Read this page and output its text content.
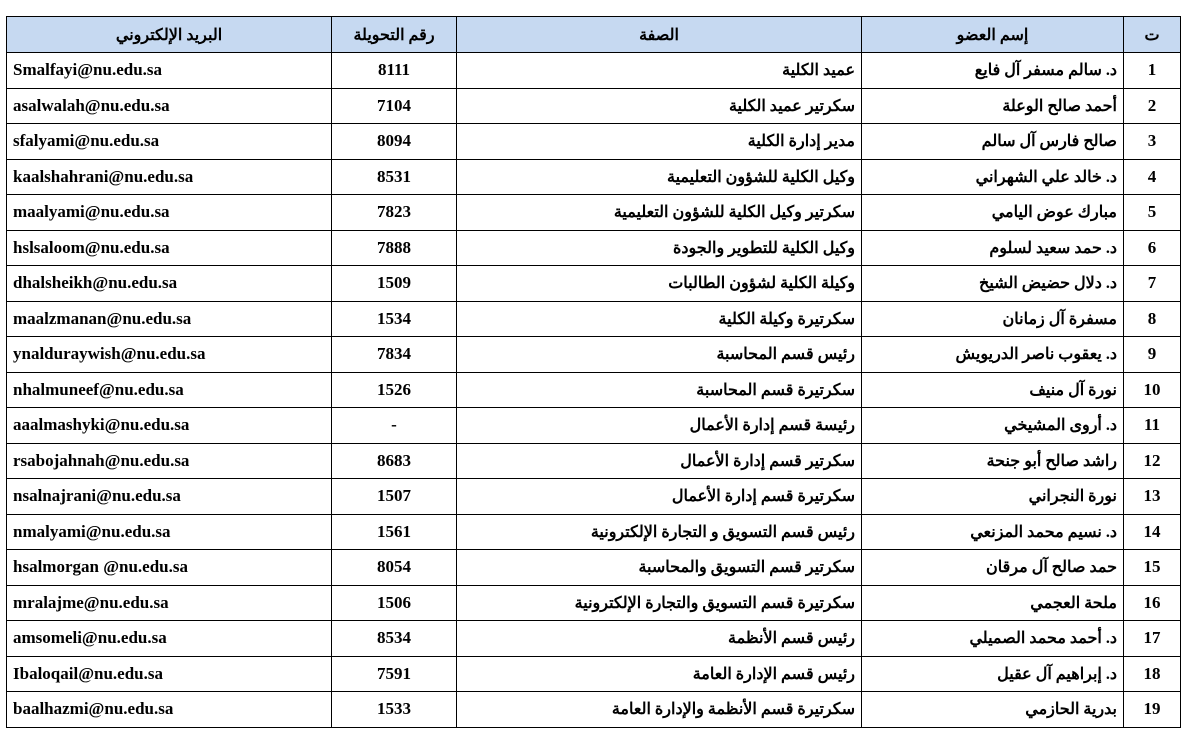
البريد الإلكتروني	رقم التحويلة	الصفة	إسم العضو	ت
Smalfayi@nu.edu.sa	8111	عميد الكلية	د. سالم مسفر آل فايع	1
asalwalah@nu.edu.sa	7104	سكرتير عميد الكلية	أحمد صالح الوعلة	2
sfalyami@nu.edu.sa	8094	مدير إدارة الكلية	صالح فارس آل سالم	3
kaalshahrani@nu.edu.sa	8531	وكيل الكلية للشؤون التعليمية	د. خالد علي الشهراني	4
maalyami@nu.edu.sa	7823	سكرتير وكيل الكلية للشؤون التعليمية	مبارك عوض اليامي	5
hslsaloom@nu.edu.sa	7888	وكيل الكلية للتطوير والجودة	د. حمد سعيد لسلوم	6
dhalsheikh@nu.edu.sa	1509	وكيلة الكلية لشؤون الطالبات	د. دلال حضيض الشيخ	7
maalzmanan@nu.edu.sa	1534	سكرتيرة وكيلة الكلية	مسفرة آل زمانان	8
ynalduraywish@nu.edu.sa	7834	رئيس قسم المحاسبة	د. يعقوب ناصر الدريويش	9
nhalmuneef@nu.edu.sa	1526	سكرتيرة قسم المحاسبة	نورة آل منيف	10
aaalmashyki@nu.edu.sa	-	رئيسة قسم إدارة الأعمال	د. أروى المشيخي	11
rsabojahnah@nu.edu.sa	8683	سكرتير قسم إدارة الأعمال	راشد صالح أبو جنحة	12
nsalnajrani@nu.edu.sa	1507	سكرتيرة قسم إدارة الأعمال	نورة النجراني	13
nmalyami@nu.edu.sa	1561	رئيس قسم التسويق و التجارة الإلكترونية	د. نسيم محمد المزنعي	14
hsalmorgan @nu.edu.sa	8054	سكرتير قسم التسويق والمحاسبة	حمد صالح آل مرقان	15
mralajme@nu.edu.sa	1506	سكرتيرة قسم التسويق والتجارة الإلكترونية	ملحة العجمي	16
amsomeli@nu.edu.sa	8534	رئيس قسم الأنظمة	د. أحمد محمد الصميلي	17
Ibaloqail@nu.edu.sa	7591	رئيس قسم الإدارة العامة	د. إبراهيم آل عقيل	18
baalhazmi@nu.edu.sa	1533	سكرتيرة قسم الأنظمة والإدارة العامة	بدرية الحازمي	19
